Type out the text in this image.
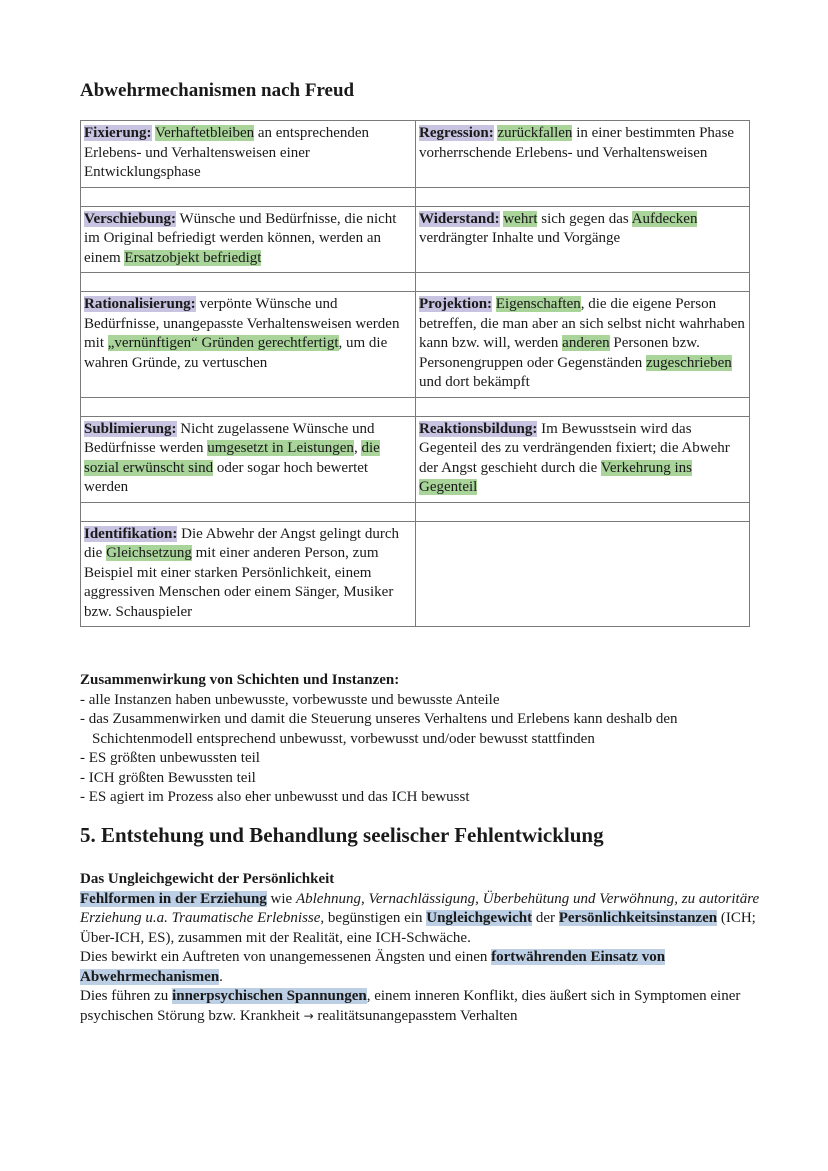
Abwehrmechanismen nach Freud
Fixierung: Verhaftetbleiben an entsprechenden Erlebens- und Verhaltensweisen einer Entwicklungsphase	Regression: zurückfallen in einer bestimmten Phase vorherrschende Erlebens- und Verhaltensweisen

Verschiebung: Wünsche und Bedürfnisse, die nicht im Original befriedigt werden können, werden an einem Ersatzobjekt befriedigt	Widerstand: wehrt sich gegen das Aufdecken verdrängter Inhalte und Vorgänge

Rationalisierung: verpönte Wünsche und Bedürfnisse, unangepasste Verhaltensweisen werden mit „vernünftigen“ Gründen gerechtfertigt, um die wahren Gründe, zu vertuschen	Projektion: Eigenschaften, die die eigene Person betreffen, die man aber an sich selbst nicht wahrhaben kann bzw. will, werden anderen Personen bzw. Personengruppen oder Gegenständen zugeschrieben und dort bekämpft

Sublimierung: Nicht zugelassene Wünsche und Bedürfnisse werden umgesetzt in Leistungen, die sozial erwünscht sind oder sogar hoch bewertet werden	Reaktionsbildung: Im Bewusstsein wird das Gegenteil des zu verdrängenden fixiert; die Abwehr der Angst geschieht durch die Verkehrung ins Gegenteil

Identifikation: Die Abwehr der Angst gelingt durch die Gleichsetzung mit einer anderen Person, zum Beispiel mit einer starken Persönlichkeit, einem aggressiven Menschen oder einem Sänger, Musiker bzw. Schauspieler	
Zusammenwirkung von Schichten und Instanzen:
- alle Instanzen haben unbewusste, vorbewusste und bewusste Anteile
- das Zusammenwirken und damit die Steuerung unseres Verhaltens und Erlebens kann deshalb den Schichtenmodell entsprechend unbewusst, vorbewusst und/oder bewusst stattfinden
- ES größten unbewussten teil
- ICH größten Bewussten teil
- ES agiert im Prozess also eher unbewusst und das ICH bewusst
5. Entstehung und Behandlung seelischer Fehlentwicklung
Das Ungleichgewicht der Persönlichkeit
Fehlformen in der Erziehung wie Ablehnung, Vernachlässigung, Überbehütung und Verwöhnung, zu autoritäre Erziehung u.a. Traumatische Erlebnisse, begünstigen ein Ungleichgewicht der Persönlichkeitsinstanzen (ICH; Über-ICH, ES), zusammen mit der Realität, eine ICH-Schwäche.
Dies bewirkt ein Auftreten von unangemessenen Ängsten und einen fortwährenden Einsatz von Abwehrmechanismen.
Dies führen zu innerpsychischen Spannungen, einem inneren Konflikt, dies äußert sich in Symptomen einer psychischen Störung bzw. Krankheit → realitätsunangepasstem Verhalten
